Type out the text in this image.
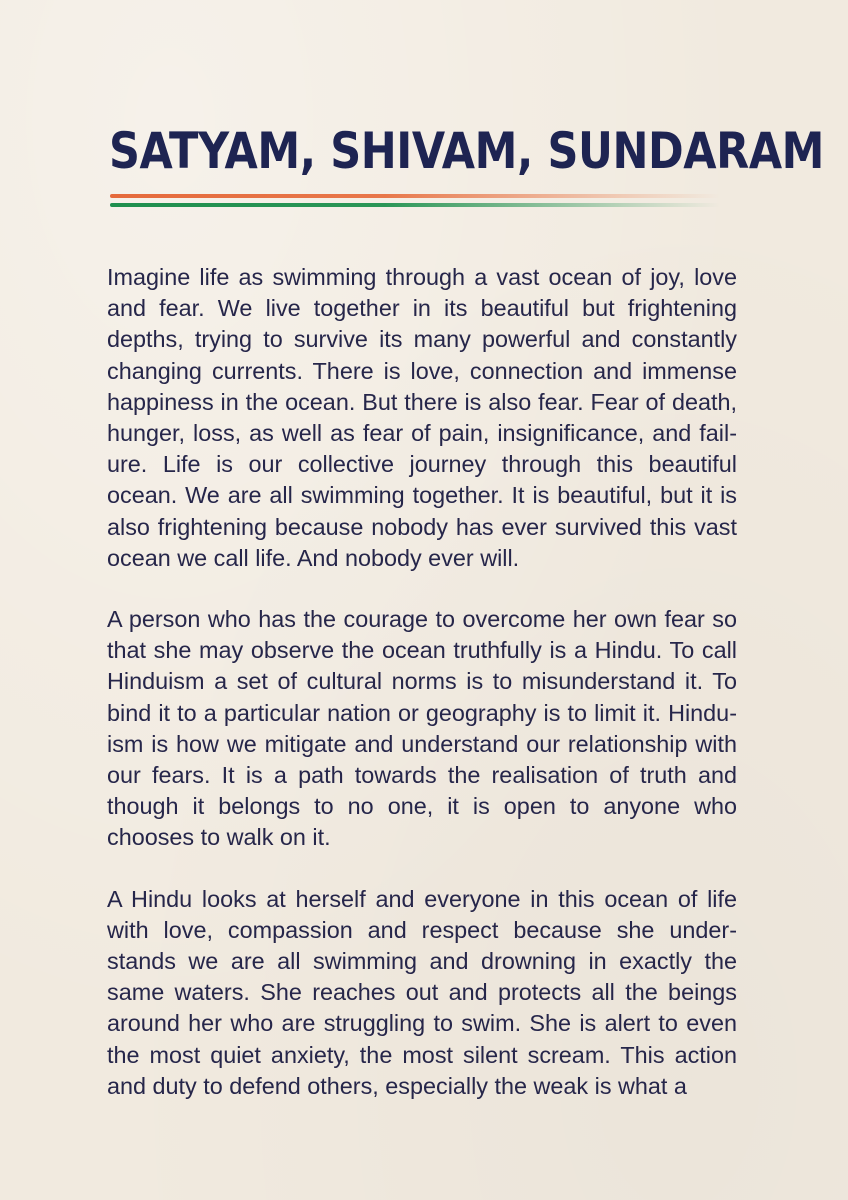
SATYAM, SHIVAM, SUNDARAM

Imagine life as swimming through a vast ocean of joy, love and fear. We live together in its beautiful but frightening depths, trying to survive its many powerful and constantly changing currents. There is love, connection and immense happiness in the ocean. But there is also fear. Fear of death, hunger, loss, as well as fear of pain, insignificance, and failure. Life is our collective journey through this beautiful ocean. We are all swimming together. It is beautiful, but it is also frightening because nobody has ever survived this vast ocean we call life. And nobody ever will.

A person who has the courage to overcome her own fear so that she may observe the ocean truthfully is a Hindu. To call Hinduism a set of cultural norms is to misunderstand it. To bind it to a particular nation or geography is to limit it. Hinduism is how we mitigate and understand our relationship with our fears. It is a path towards the realisation of truth and though it belongs to no one, it is open to anyone who chooses to walk on it.

A Hindu looks at herself and everyone in this ocean of life with love, compassion and respect because she understands we are all swimming and drowning in exactly the same waters. She reaches out and protects all the beings around her who are struggling to swim. She is alert to even the most quiet anxiety, the most silent scream. This action and duty to defend others, especially the weak is what a
